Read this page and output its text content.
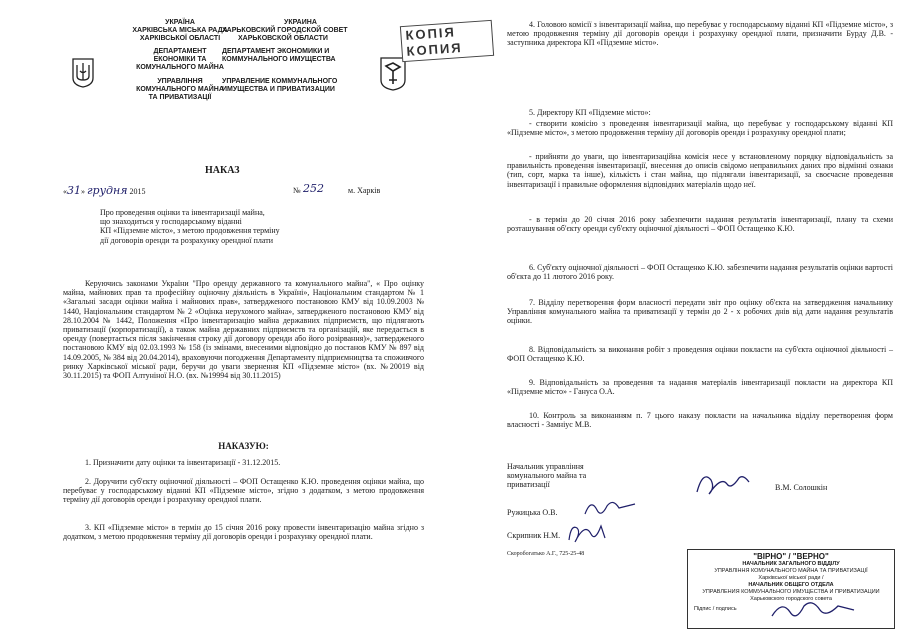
УКРАЇНА
ХАРКІВСЬКА МІСЬКА РАДА
ХАРКІВСЬКОЇ ОБЛАСТІ
ДЕПАРТАМЕНТ
ЕКОНОМІКИ ТА
КОМУНАЛЬНОГО МАЙНА
УПРАВЛІННЯ
КОМУНАЛЬНОГО МАЙНА
ТА ПРИВАТИЗАЦІЇ
УКРАИНА
ХАРЬКОВСКИЙ ГОРОДСКОЙ СОВЕТ
ХАРЬКОВСКОЙ ОБЛАСТИ
ДЕПАРТАМЕНТ ЭКОНОМИКИ И
КОММУНАЛЬНОГО ИМУЩЕСТВА
УПРАВЛЕНИЕ КОММУНАЛЬНОГО
ИМУЩЕСТВА И ПРИВАТИЗАЦИИ
НАКАЗ
«31» грудня 2015	№ 252	м. Харків
Про проведення оцінки та інвентаризації майна,
що знаходиться у господарському віданні
КП «Підземне місто», з метою продовження терміну
дії договорів оренди та розрахунку орендної плати
Керуючись законами України "Про оренду державного та комунального майна", « Про оцінку майна, майнових прав та професійну оціночну діяльність в Україні», Національним стандартом № 1 «Загальні засади оцінки майна і майнових прав», затвердженого постановою КМУ від 10.09.2003 № 1440, Національним стандартом № 2 «Оцінка нерухомого майна», затвердженого постановою КМУ від 28.10.2004 № 1442, Положення «Про інвентаризацію майна державних підприємств, що підлягають приватизації (корпоратизації), а також майна державних підприємств та організацій, яке передається в оренду (повертається після закінчення строку дії договору оренди або його розірвання)», затвердженого постановою КМУ від 02.03.1993 № 158 (із змінами, внесеними відповідно до постанов КМУ № 897 від 14.09.2005, № 384 від 20.04.2014), враховуючи погодження Департаменту підприємництва та споживчого ринку Харківської міської ради, беручи до уваги звернення КП «Підземне місто» (вх. №20019 від 30.11.2015) та ФОП Алтуніної Н.О. (вх. №19994 від 30.11.2015)
НАКАЗУЮ:
1. Призначити дату оцінки та інвентаризації - 31.12.2015.
2. Доручити суб'єкту оціночної діяльності – ФОП Остащенко К.Ю. проведення оцінки майна, що перебуває у господарському віданні КП «Підземне місто», згідно з додатком, з метою продовження терміну дії договорів оренди і розрахунку орендної плати.
3. КП «Підземне місто» в термін до 15 січня 2016 року провести інвентаризацію майна згідно з додатком, з метою продовження терміну дії договорів оренди і розрахунку орендної плати.
КОПІЯ
КОПИЯ
4. Головою комісії з інвентаризації майна, що перебуває у господарському віданні КП «Підземне місто», з метою продовження терміну дії договорів оренди і розрахунку орендної плати, призначити Бурду Д.В. - заступника директора КП «Підземне місто».
5. Директору КП «Підземне місто»:
- створити комісію з проведення інвентаризації майна, що перебуває у господарському віданні КП «Підземне місто», з метою продовження терміну дії договорів оренди і розрахунку орендної плати;
- прийняти до уваги, що інвентаризаційна комісія несе у встановленому порядку відповідальність за правильність проведення інвентаризації, внесення до описів свідомо неправильних даних про відмінні ознаки (тип, сорт, марка та інше), кількість і стан майна, що підлягали інвентаризації, за своєчасне проведення інвентаризації і правильне оформлення відповідних матеріалів щодо неї.
- в термін до 20 січня 2016 року забезпечити надання результатів інвентаризації, плану та схеми розташування об'єкту оренди суб'єкту оціночної діяльності – ФОП Остащенко К.Ю.
6. Суб'єкту оціночної діяльності – ФОП Остащенко К.Ю. забезпечити надання результатів оцінки вартості об'єкта до 11 лютого 2016 року.
7. Відділу перетворення форм власності передати звіт про оцінку об'єкта на затвердження начальнику Управління комунального майна та приватизації у термін до 2 - х робочих днів від дати надання результатів оцінки.
8. Відповідальність за виконання робіт з проведення оцінки покласти на суб'єкта оціночної діяльності – ФОП Остащенко К.Ю.
9. Відповідальність за проведення та надання матеріалів інвентаризації покласти на директора КП «Підземне місто» - Гануса О.А.
10. Контроль за виконанням п. 7 цього наказу покласти на начальника відділу перетворення форм власності - Замніус М.В.
Начальник управління
комунального майна та
приватизації	В.М. Солошкін
Ружицька О.В.
Скрипник Н.М.
Скоробогатько А.Г., 725-25-48	"ВІРНО" / "ВЕРНО"
НАЧАЛЬНИК ЗАГАЛЬНОГО ВІДДІЛУ
УПРАВЛІННЯ КОМУНАЛЬНОГО МАЙНА ТА ПРИВАТИЗАЦІЇ
Харківської міської ради /
НАЧАЛЬНИК ОБЩЕГО ОТДЕЛА
УПРАВЛЕНИЯ КОММУНАЛЬНОГО ИМУЩЕСТВА И ПРИВАТИЗАЦИИ
Харьковского городского совета
Підпис / подпись
